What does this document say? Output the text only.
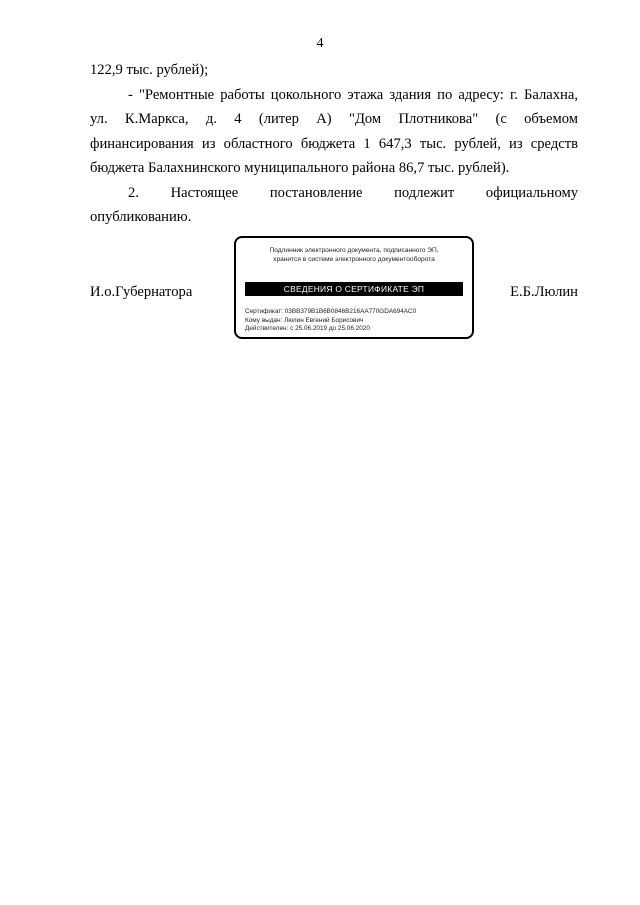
4
122,9 тыс. рублей);
- "Ремонтные работы цокольного этажа здания по адресу: г. Балахна,
ул. К.Маркса, д. 4 (литер А) "Дом Плотникова" (с объемом
финансирования из областного бюджета 1 647,3 тыс. рублей, из средств
бюджета Балахнинского муниципального района 86,7 тыс. рублей).
2. Настоящее постановление подлежит официальному
опубликованию.
И.о.Губернатора
Подлинник электронного документа, подписанного ЭП,
хранится в системе электронного документооборота
СВЕДЕНИЯ О СЕРТИФИКАТЕ ЭП
Сертификат: 03BB379B1B6B0846B216AA770GDA694AC0
Кому выдан: Люлин Евгений Борисович
Действителен: с 25.06.2019 до 25.06.2020
Е.Б.Люлин
